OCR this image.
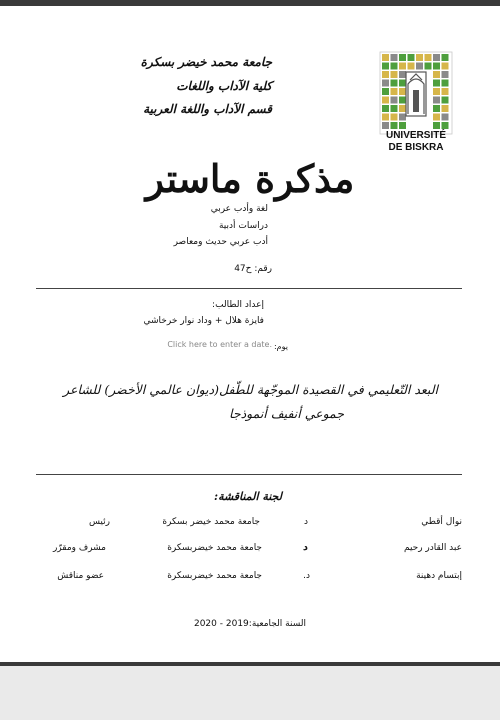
جامعة محمد خيضر بسكرة
كلية الآداب واللغات
قسم الآداب واللغة العربية
UNIVERSITÉ
DE BISKRA
مذكرة ماستر
لغة وأدب عربي
دراسات أدبية
أدب عربي حديث ومعاصر
رقم: ح47
إعداد الطالب:
فايزة هلال + وداد نوار خرخاشي
يوم:
Click here to enter a date.
البعد التّعليمي في القصيدة الموجّهة للطّفل(ديوان عالمي الأخضر) للشاعر
جموعي أنفيف أنموذجا
لجنة المناقشة:
نوال أقطي
د
جامعة محمد خيضر بسكرة
رئيس
عبد القادر رحيم
د
جامعة محمد خيضربسكرة
مشرف ومقرّر
إبتسام دهينة
د.
جامعة محمد خيضربسكرة
عضو مناقش
السنة الجامعية:2019 - 2020
